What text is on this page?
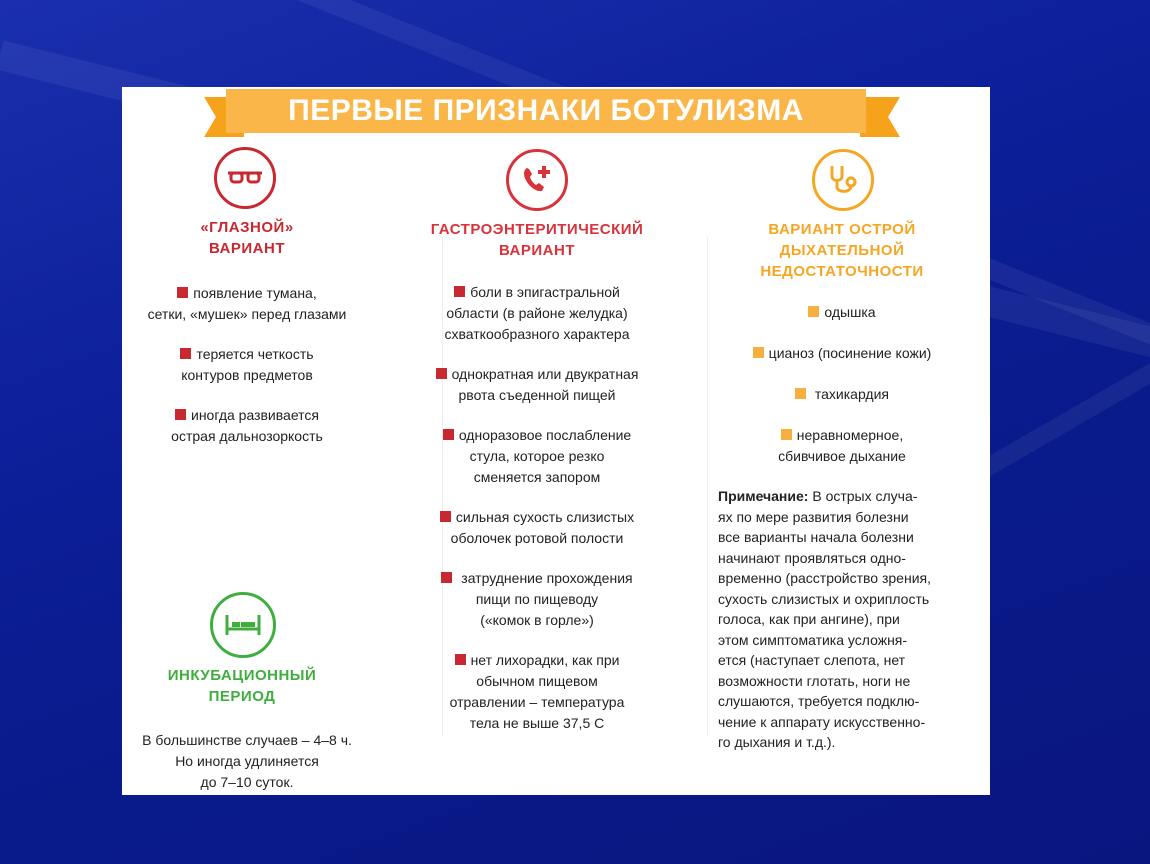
ПЕРВЫЕ ПРИЗНАКИ БОТУЛИЗМА
«ГЛАЗНОЙ»
ВАРИАНТ
появление тумана,
сетки, «мушек» перед глазами
теряется четкость
контуров предметов
иногда развивается
острая дальнозоркость
ИНКУБАЦИОННЫЙ
ПЕРИОД
В большинстве случаев – 4–8 ч.
Но иногда удлиняется
до 7–10 суток.
ГАСТРОЭНТЕРИТИЧЕСКИЙ
ВАРИАНТ
боли в эпигастральной
области (в районе желудка)
схваткообразного характера
однократная или двукратная
рвота съеденной пищей
одноразовое послабление
стула, которое резко
сменяется запором
сильная сухость слизистых
оболочек ротовой полости
затруднение прохождения
пищи по пищеводу
(«комок в горле»)
нет лихорадки, как при
обычном пищевом
отравлении – температура
тела не выше 37,5 С
ВАРИАНТ ОСТРОЙ
ДЫХАТЕЛЬНОЙ
НЕДОСТАТОЧНОСТИ
одышка
цианоз (посинение кожи)
тахикардия
неравномерное,
сбивчивое дыхание
Примечание: В острых случа-
ях по мере развития болезни
все варианты начала болезни
начинают проявляться одно-
временно (расстройство зрения,
сухость слизистых и охриплость
голоса, как при ангине), при
этом симптоматика усложня-
ется (наступает слепота, нет
возможности глотать, ноги не
слушаются, требуется подклю-
чение к аппарату искусственно-
го дыхания и т.д.).
